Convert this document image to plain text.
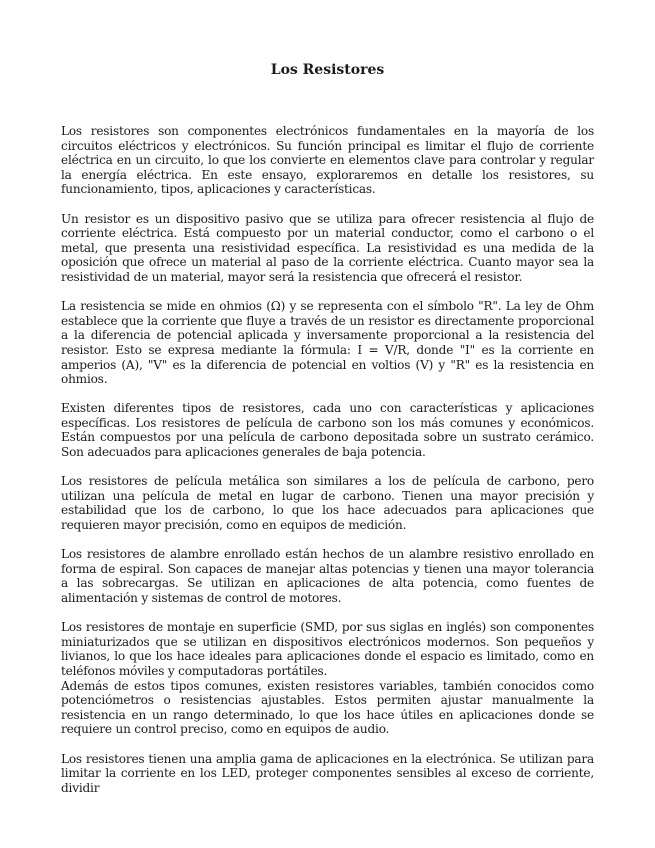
Los Resistores

Los resistores son componentes electrónicos fundamentales en la mayoría de los circuitos eléctricos y electrónicos. Su función principal es limitar el flujo de corriente eléctrica en un circuito, lo que los convierte en elementos clave para controlar y regular la energía eléctrica. En este ensayo, exploraremos en detalle los resistores, su funcionamiento, tipos, aplicaciones y características.

Un resistor es un dispositivo pasivo que se utiliza para ofrecer resistencia al flujo de corriente eléctrica. Está compuesto por un material conductor, como el carbono o el metal, que presenta una resistividad específica. La resistividad es una medida de la oposición que ofrece un material al paso de la corriente eléctrica. Cuanto mayor sea la resistividad de un material, mayor será la resistencia que ofrecerá el resistor.

La resistencia se mide en ohmios (Ω) y se representa con el símbolo "R". La ley de Ohm establece que la corriente que fluye a través de un resistor es directamente proporcional a la diferencia de potencial aplicada y inversamente proporcional a la resistencia del resistor. Esto se expresa mediante la fórmula: I = V/R, donde "I" es la corriente en amperios (A), "V" es la diferencia de potencial en voltios (V) y "R" es la resistencia en ohmios.

Existen diferentes tipos de resistores, cada uno con características y aplicaciones específicas. Los resistores de película de carbono son los más comunes y económicos. Están compuestos por una película de carbono depositada sobre un sustrato cerámico. Son adecuados para aplicaciones generales de baja potencia.

Los resistores de película metálica son similares a los de película de carbono, pero utilizan una película de metal en lugar de carbono. Tienen una mayor precisión y estabilidad que los de carbono, lo que los hace adecuados para aplicaciones que requieren mayor precisión, como en equipos de medición.

Los resistores de alambre enrollado están hechos de un alambre resistivo enrollado en forma de espiral. Son capaces de manejar altas potencias y tienen una mayor tolerancia a las sobrecargas. Se utilizan en aplicaciones de alta potencia, como fuentes de alimentación y sistemas de control de motores.

Los resistores de montaje en superficie (SMD, por sus siglas en inglés) son componentes miniaturizados que se utilizan en dispositivos electrónicos modernos. Son pequeños y livianos, lo que los hace ideales para aplicaciones donde el espacio es limitado, como en teléfonos móviles y computadoras portátiles.

Además de estos tipos comunes, existen resistores variables, también conocidos como potenciómetros o resistencias ajustables. Estos permiten ajustar manualmente la resistencia en un rango determinado, lo que los hace útiles en aplicaciones donde se requiere un control preciso, como en equipos de audio.

Los resistores tienen una amplia gama de aplicaciones en la electrónica. Se utilizan para limitar la corriente en los LED, proteger componentes sensibles al exceso de corriente, dividir
